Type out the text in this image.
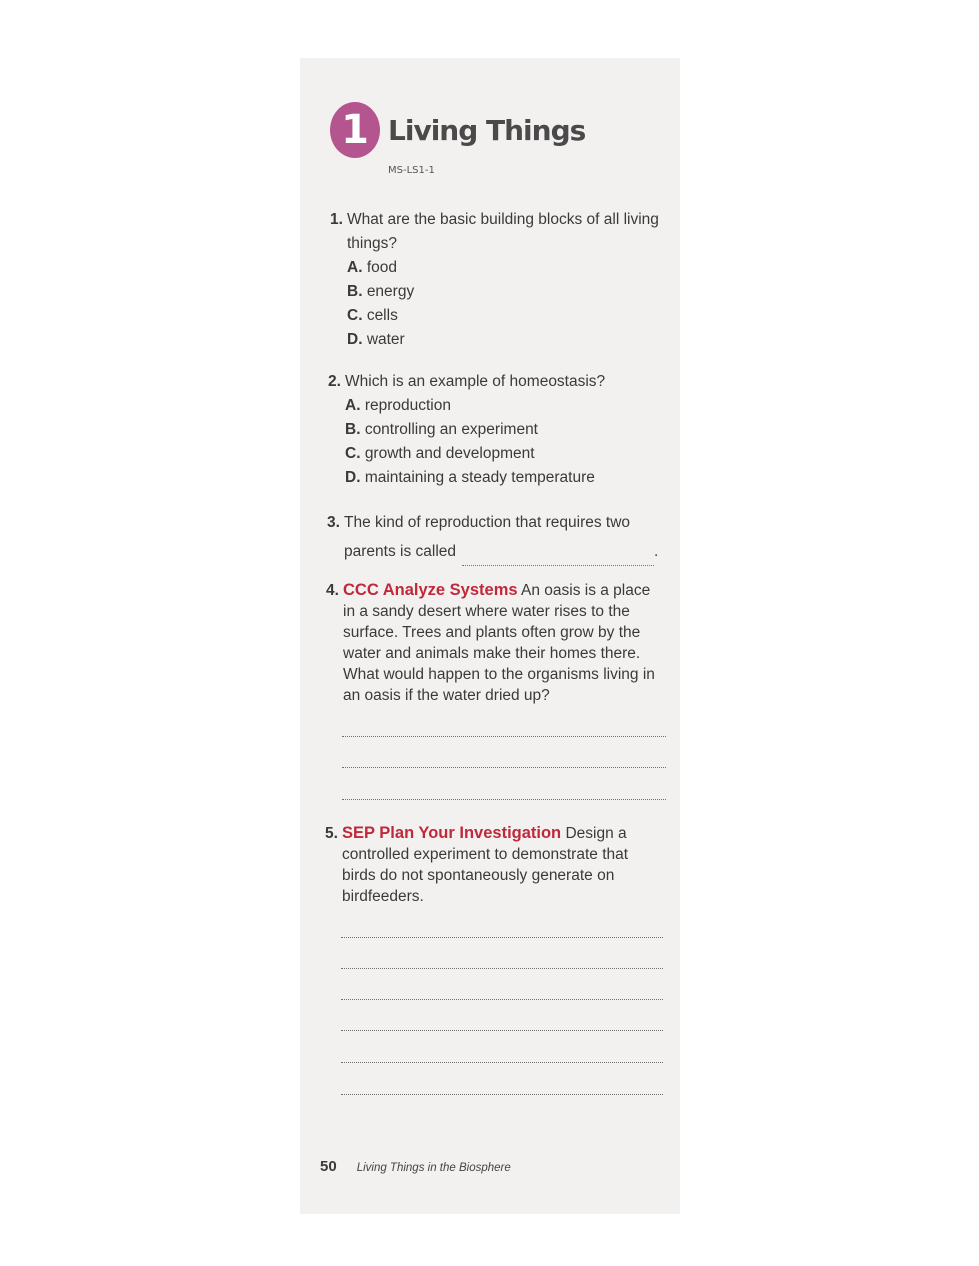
1 Living Things
MS-LS1-1
1. What are the basic building blocks of all living
things?
A. food
B. energy
C. cells
D. water
2. Which is an example of homeostasis?
A. reproduction
B. controlling an experiment
C. growth and development
D. maintaining a steady temperature
3. The kind of reproduction that requires two
parents is called	.
4. CCC Analyze Systems An oasis is a place
in a sandy desert where water rises to the
surface. Trees and plants often grow by the
water and animals make their homes there.
What would happen to the organisms living in
an oasis if the water dried up?
5. SEP Plan Your Investigation Design a
controlled experiment to demonstrate that
birds do not spontaneously generate on
birdfeeders.
50 Living Things in the Biosphere
